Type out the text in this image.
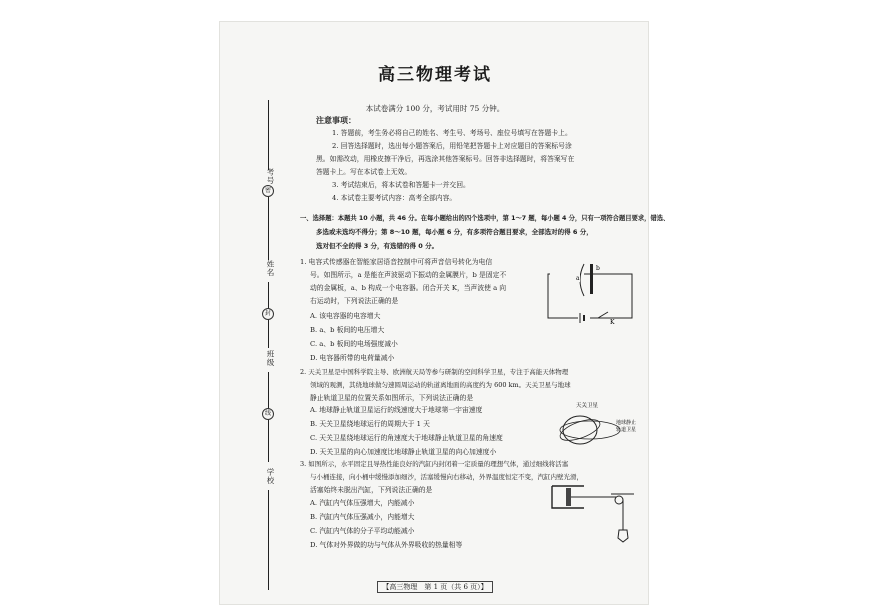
考号
密
姓名
封
班级
线
学校
高三物理考试
本试卷满分 100 分，考试用时 75 分钟。
注意事项：
1. 答题前，考生务必将自己的姓名、考生号、考场号、座位号填写在答题卡上。
2. 回答选择题时，选出每小题答案后，用铅笔把答题卡上对应题目的答案标号涂
黑。如需改动，用橡皮擦干净后，再选涂其他答案标号。回答非选择题时，将答案写在
答题卡上。写在本试卷上无效。
3. 考试结束后，将本试卷和答题卡一并交回。
4. 本试卷主要考试内容：高考全部内容。
一、选择题：本题共 10 小题，共 46 分。在每小题给出的四个选项中，第 1～7 题，每小题 4 分，只有一项符合题目要求，错选、
多选或未选均不得分；第 8～10 题，每小题 6 分，有多项符合题目要求，全部选对的得 6 分，
选对但不全的得 3 分，有选错的得 0 分。
1. 电容式传感器在智能家居语音控制中可将声音信号转化为电信
号。如图所示，a 是能在声波驱动下振动的金属膜片，b 是固定不
动的金属板，a、b 构成一个电容器。闭合开关 K，当声波使 a 向
右运动时，下列说法正确的是
A. 该电容器的电容增大
B. a、b 板间的电压增大
C. a、b 板间的电场强度减小
D. 电容器所带的电荷量减小
a
b
K
2. 天关卫星是中国科学院主导、欧洲航天局等参与研制的空间科学卫星，专注于高能天体物理
领域的观测，其绕地球做匀速圆周运动的轨道离地面的高度约为 600 km。天关卫星与地球
静止轨道卫星的位置关系如图所示，下列说法正确的是
A. 地球静止轨道卫星运行的线速度大于地球第一宇宙速度
B. 天关卫星绕地球运行的周期大于 1 天
C. 天关卫星绕地球运行的角速度大于地球静止轨道卫星的角速度
D. 天关卫星的向心加速度比地球静止轨道卫星的向心加速度小
天关卫星
地球静止
轨道卫星
3. 如图所示，水平固定且导热性能良好的汽缸内封闭着一定质量的理想气体，通过细线将活塞
与小桶连接，向小桶中缓慢添加细沙，活塞缓慢向右移动，外界温度恒定不变，汽缸内壁光滑，
活塞始终未脱出汽缸，下列说法正确的是
A. 汽缸内气体压强增大，内能减小
B. 汽缸内气体压强减小，内能增大
C. 汽缸内气体的分子平均动能减小
D. 气体对外界做的功与气体从外界吸收的热量相等
【高三物理　第 1 页（共 6 页）】
